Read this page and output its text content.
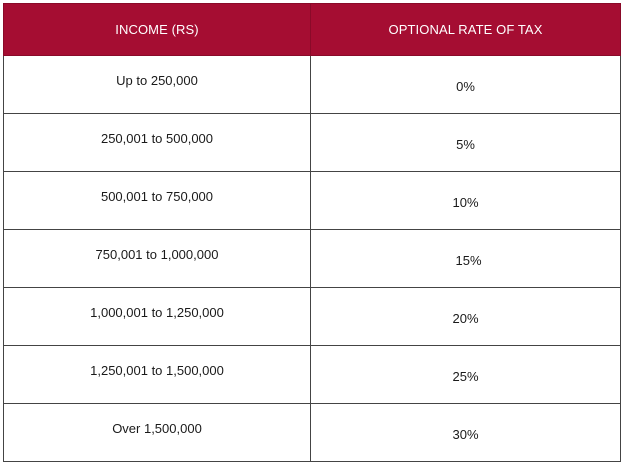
INCOME (RS)	OPTIONAL RATE OF TAX
Up to 250,000	0%
250,001 to 500,000	5%
500,001 to 750,000	10%
750,001 to 1,000,000	15%
1,000,001 to 1,250,000	20%
1,250,001 to 1,500,000	25%
Over 1,500,000	30%
